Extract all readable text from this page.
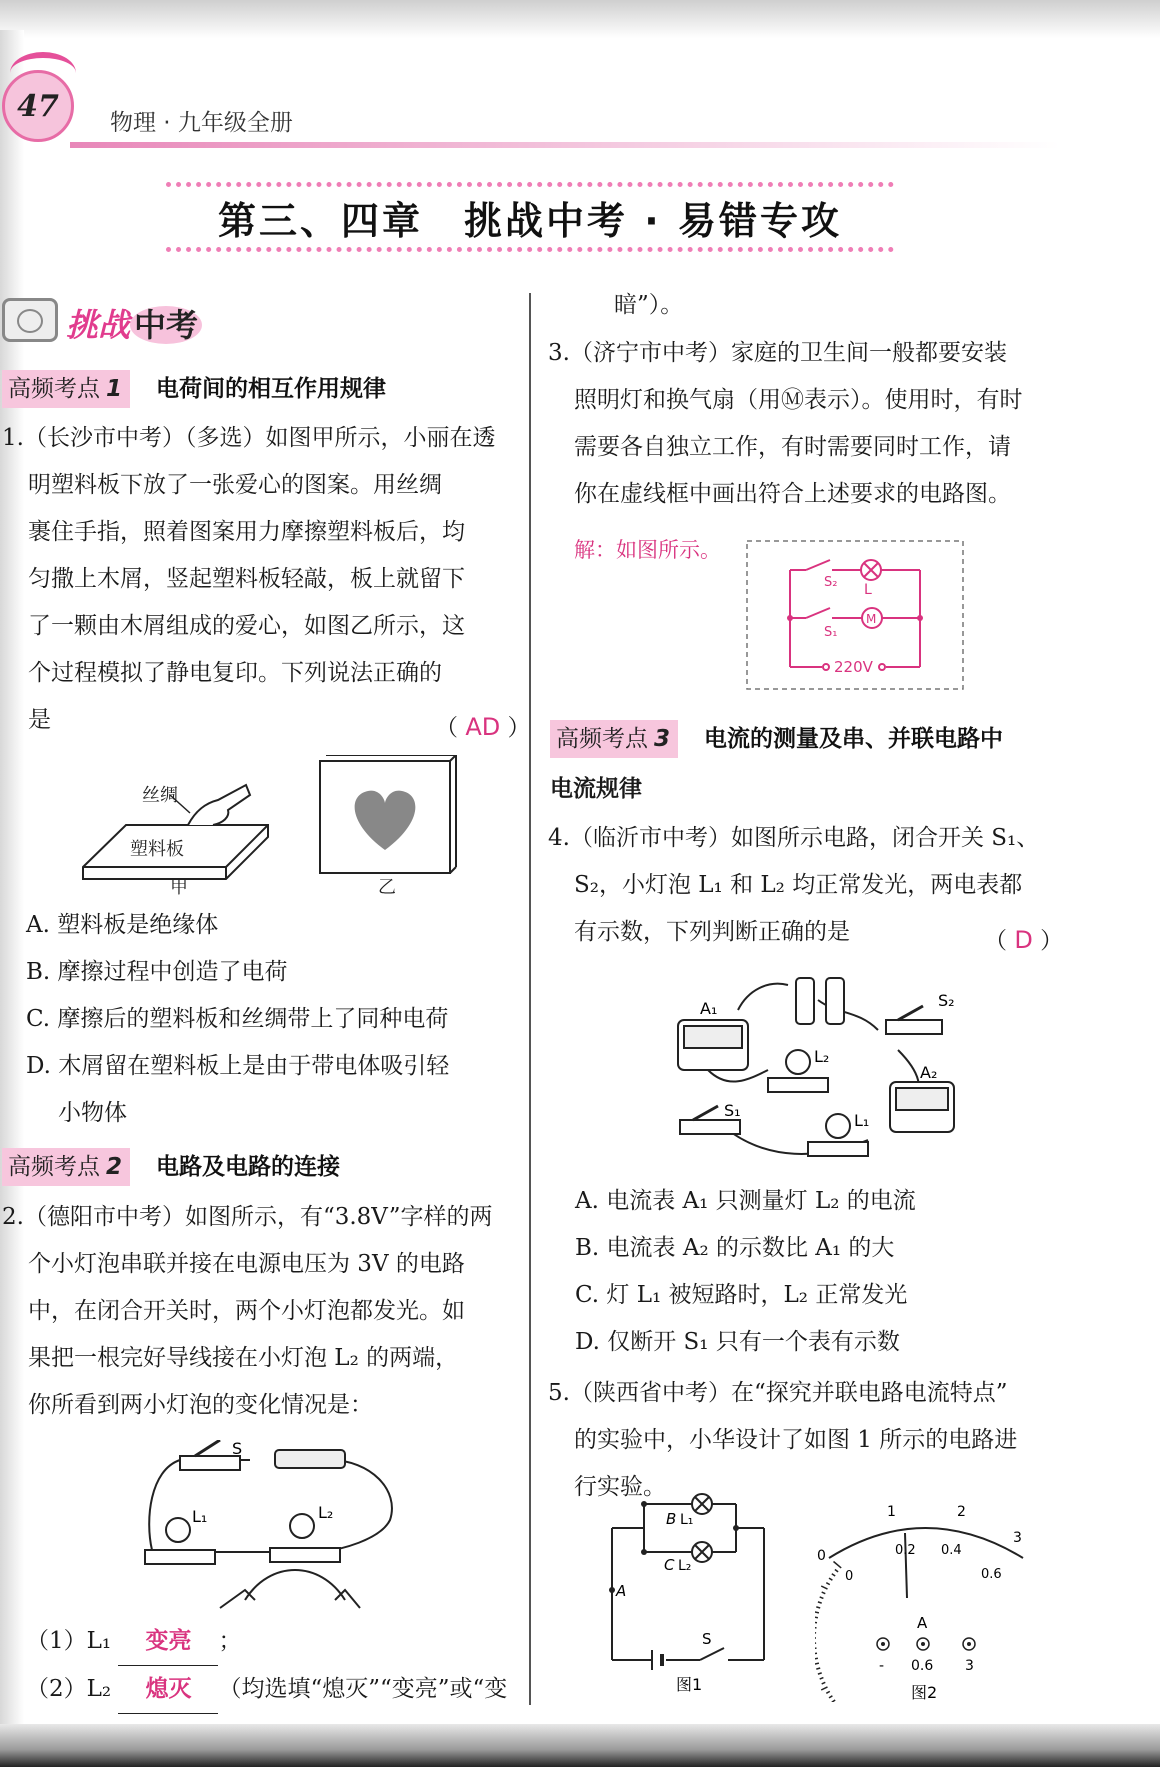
47 物理 · 九年级全册
第三、四章　挑战中考 · 易错专攻
挑战 中考
高频考点 1 电荷间的相互作用规律
1.（长沙市中考）（多选）如图甲所示，小丽在透
明塑料板下放了一张爱心的图案。用丝绸
裹住手指，照着图案用力摩擦塑料板后，均
匀撒上木屑，竖起塑料板轻敲，板上就留下
了一颗由木屑组成的爱心，如图乙所示，这
个过程模拟了静电复印。下列说法正确的
是	（ AD ）
丝绸
塑料板
甲	乙
A. 塑料板是绝缘体
B. 摩擦过程中创造了电荷
C. 摩擦后的塑料板和丝绸带上了同种电荷
D. 木屑留在塑料板上是由于带电体吸引轻
小物体
高频考点 2 电路及电路的连接
2.（德阳市中考）如图所示，有“3.8V”字样的两
个小灯泡串联并接在电源电压为 3V 的电路
中，在闭合开关时，两个小灯泡都发光。如
果把一根完好导线接在小灯泡 L₂ 的两端，
你所看到两小灯泡的变化情况是：
S
L₁	L₂
（1）L₁ 变亮 ；
（2）L₂ 熄灭 （均选填“熄灭”“变亮”或“变
暗”）。
3.（济宁市中考）家庭的卫生间一般都要安装
照明灯和换气扇（用Ⓜ表示）。使用时，有时
需要各自独立工作，有时需要同时工作，请
你在虚线框中画出符合上述要求的电路图。
解：如图所示。
S₂ L
M
S₁
220V
高频考点 3 电流的测量及串、并联电路中
电流规律
4.（临沂市中考）如图所示电路，闭合开关 S₁、
S₂，小灯泡 L₁ 和 L₂ 均正常发光，两电表都
有示数，下列判断正确的是	（ D ）
A₁
A₂
L₂
L₁
S₁
S₂
A. 电流表 A₁ 只测量灯 L₂ 的电流
B. 电流表 A₂ 的示数比 A₁ 的大
C. 灯 L₁ 被短路时，L₂ 正常发光
D. 仅断开 S₁ 只有一个表有示数
5.（陕西省中考）在“探究并联电路电流特点”
的实验中，小华设计了如图 1 所示的电路进
行实验。
B L₁
C L₂
A
S
图1
0
1	2
3
0
0.2 0.4
0.6
A
- 0.6 3
图2
